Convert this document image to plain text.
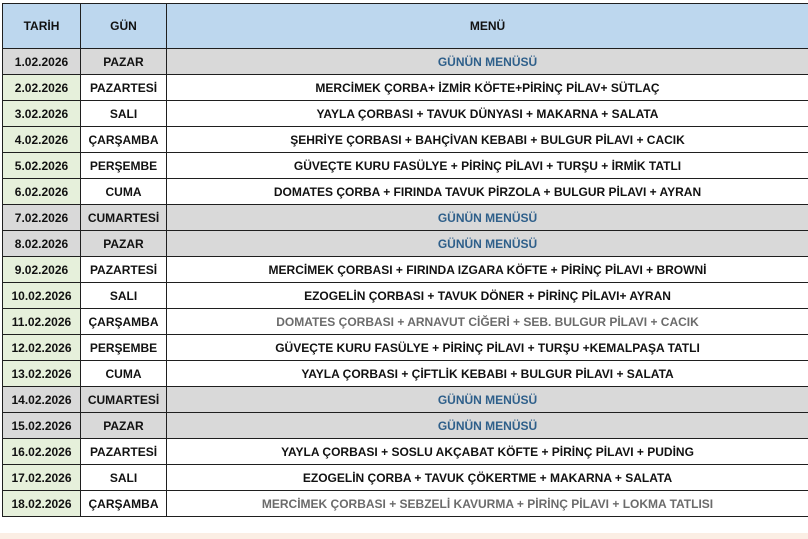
TARİH	GÜN	MENÜ
1.02.2026	PAZAR	GÜNÜN MENÜSÜ
2.02.2026	PAZARTESİ	MERCİMEK ÇORBA+ İZMİR KÖFTE+PİRİNÇ PİLAV+ SÜTLAÇ
3.02.2026	SALI	YAYLA ÇORBASI + TAVUK DÜNYASI + MAKARNA + SALATA
4.02.2026	ÇARŞAMBA	ŞEHRİYE ÇORBASI + BAHÇİVAN KEBABI + BULGUR PİLAVI + CACIK
5.02.2026	PERŞEMBE	GÜVEÇTE KURU FASÜLYE + PİRİNÇ PİLAVI + TURŞU + İRMİK TATLI
6.02.2026	CUMA	DOMATES ÇORBA + FIRINDA TAVUK PİRZOLA + BULGUR PİLAVI + AYRAN
7.02.2026	CUMARTESİ	GÜNÜN MENÜSÜ
8.02.2026	PAZAR	GÜNÜN MENÜSÜ
9.02.2026	PAZARTESİ	MERCİMEK ÇORBASI + FIRINDA IZGARA KÖFTE + PİRİNÇ PİLAVI + BROWNİ
10.02.2026	SALI	EZOGELİN ÇORBASI + TAVUK DÖNER + PİRİNÇ PİLAVI+ AYRAN
11.02.2026	ÇARŞAMBA	DOMATES ÇORBASI + ARNAVUT CİĞERİ + SEB. BULGUR PİLAVI + CACIK
12.02.2026	PERŞEMBE	GÜVEÇTE KURU FASÜLYE + PİRİNÇ PİLAVI + TURŞU +KEMALPAŞA TATLI
13.02.2026	CUMA	YAYLA ÇORBASI + ÇİFTLİK KEBABI + BULGUR PİLAVI + SALATA
14.02.2026	CUMARTESİ	GÜNÜN MENÜSÜ
15.02.2026	PAZAR	GÜNÜN MENÜSÜ
16.02.2026	PAZARTESİ	YAYLA ÇORBASI + SOSLU AKÇABAT KÖFTE + PİRİNÇ PİLAVI + PUDİNG
17.02.2026	SALI	EZOGELİN ÇORBA + TAVUK ÇÖKERTME + MAKARNA + SALATA
18.02.2026	ÇARŞAMBA	MERCİMEK ÇORBASI + SEBZELİ KAVURMA + PİRİNÇ PİLAVI + LOKMA TATLISI
